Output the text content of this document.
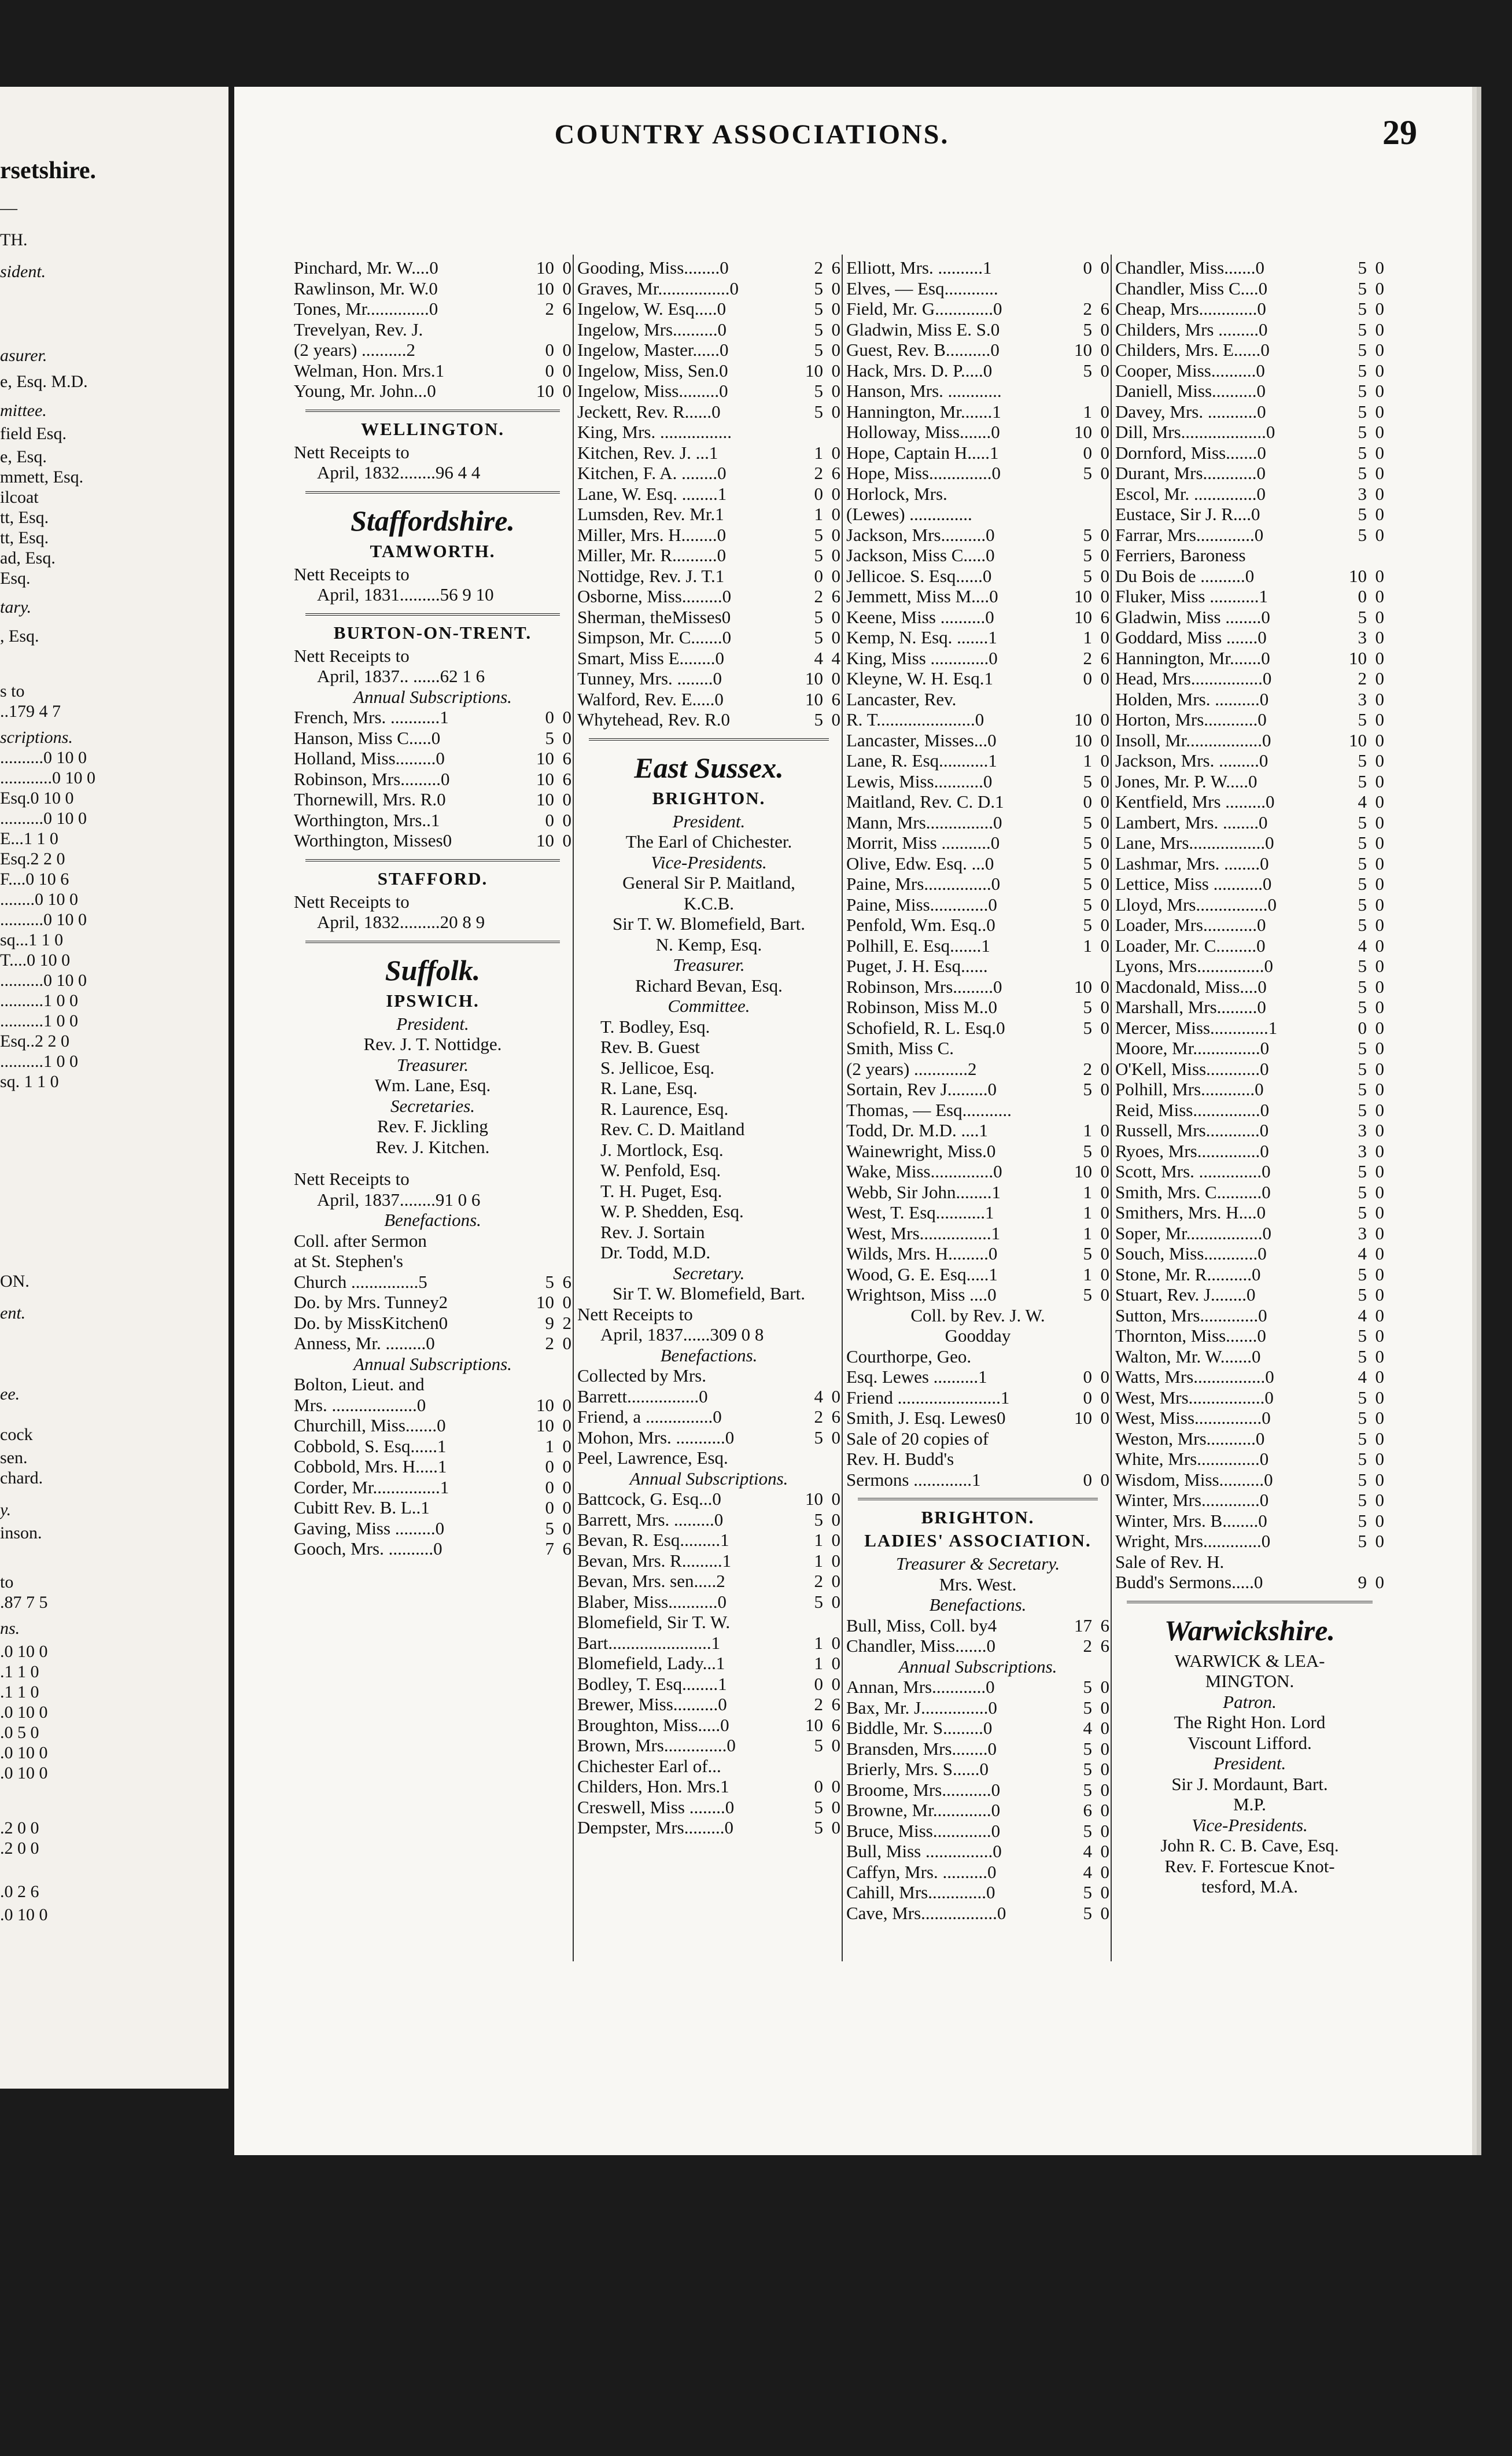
rsetshire.
—
TH.
sident.
asurer.
e, Esq. M.D.
mittee.
field Esq.
e, Esq.
mmett, Esq.
ilcoat
tt, Esq.
tt, Esq.
ad, Esq.
Esq.
tary.
, Esq.
s to
..179 4 7
scriptions.
..........0 10 0
............0 10 0
Esq.0 10 0
..........0 10 0
E...1 1 0
Esq.2 2 0
F....0 10 6
........0 10 0
..........0 10 0
sq...1 1 0
T....0 10 0
..........0 10 0
..........1 0 0
..........1 0 0
Esq..2 2 0
..........1 0 0
sq. 1 1 0
ON.
ent.
ee.
cock
sen.
chard.
y.
inson.
to
.87 7 5
ns.
.0 10 0
.1 1 0
.1 1 0
.0 10 0
.0 5 0
.0 10 0
.0 10 0
.2 0 0
.2 0 0
.0 2 6
.0 10 0
COUNTRY ASSOCIATIONS.	29
Pinchard, Mr. W....0	10 0
Rawlinson, Mr. W.0	10 0
Tones, Mr..............0	2 6
Trevelyan, Rev. J.
(2 years) ..........2	0 0
Welman, Hon. Mrs.1	0 0
Young, Mr. John...0	10 0
WELLINGTON.
Nett Receipts to
April, 1832........96 4 4
Staffordshire.
TAMWORTH.
Nett Receipts to
April, 1831.........56 9 10
BURTON-ON-TRENT.
Nett Receipts to
April, 1837.. ......62 1 6
Annual Subscriptions.
French, Mrs. ...........1	0 0
Hanson, Miss C.....0	5 0
Holland, Miss.........0	10 6
Robinson, Mrs.........0	10 6
Thornewill, Mrs. R.0	10 0
Worthington, Mrs..1	0 0
Worthington, Misses0	10 0
STAFFORD.
Nett Receipts to
April, 1832.........20 8 9
Suffolk.
IPSWICH.
President.
Rev. J. T. Nottidge.
Treasurer.
Wm. Lane, Esq.
Secretaries.
Rev. F. Jickling
Rev. J. Kitchen.
Nett Receipts to
April, 1837........91 0 6
Benefactions.
Coll. after Sermon
at St. Stephen's
Church ...............5	5 6
Do. by Mrs. Tunney2	10 0
Do. by MissKitchen0	9 2
Anness, Mr. .........0	2 0
Annual Subscriptions.
Bolton, Lieut. and
Mrs. ...................0	10 0
Churchill, Miss.......0	10 0
Cobbold, S. Esq......1	1 0
Cobbold, Mrs. H.....1	0 0
Corder, Mr...............1	0 0
Cubitt Rev. B. L..1	0 0
Gaving, Miss .........0	5 0
Gooch, Mrs. ..........0	7 6
Gooding, Miss........0	2 6
Graves, Mr................0	5 0
Ingelow, W. Esq.....0	5 0
Ingelow, Mrs..........0	5 0
Ingelow, Master......0	5 0
Ingelow, Miss, Sen.0	10 0
Ingelow, Miss.........0	5 0
Jeckett, Rev. R......0	5 0
King, Mrs. ................
Kitchen, Rev. J. ...1	1 0
Kitchen, F. A. ........0	2 6
Lane, W. Esq. ........1	0 0
Lumsden, Rev. Mr.1	1 0
Miller, Mrs. H........0	5 0
Miller, Mr. R..........0	5 0
Nottidge, Rev. J. T.1	0 0
Osborne, Miss.........0	2 6
Sherman, theMisses0	5 0
Simpson, Mr. C.......0	5 0
Smart, Miss E........0	4 4
Tunney, Mrs. ........0	10 0
Walford, Rev. E.....0	10 6
Whytehead, Rev. R.0	5 0
East Sussex.
BRIGHTON.
President.
The Earl of Chichester.
Vice-Presidents.
General Sir P. Maitland,
K.C.B.
Sir T. W. Blomefield, Bart.
N. Kemp, Esq.
Treasurer.
Richard Bevan, Esq.
Committee.
T. Bodley, Esq.
Rev. B. Guest
S. Jellicoe, Esq.
R. Lane, Esq.
R. Laurence, Esq.
Rev. C. D. Maitland
J. Mortlock, Esq.
W. Penfold, Esq.
T. H. Puget, Esq.
W. P. Shedden, Esq.
Rev. J. Sortain
Dr. Todd, M.D.
Secretary.
Sir T. W. Blomefield, Bart.
Nett Receipts to
April, 1837......309 0 8
Benefactions.
Collected by Mrs.
Barrett................0	4 0
Friend, a ...............0	2 6
Mohon, Mrs. ...........0	5 0
Peel, Lawrence, Esq.
Annual Subscriptions.
Battcock, G. Esq...0	10 0
Barrett, Mrs. .........0	5 0
Bevan, R. Esq.........1	1 0
Bevan, Mrs. R.........1	1 0
Bevan, Mrs. sen.....2	2 0
Blaber, Miss...........0	5 0
Blomefield, Sir T. W.
Bart.......................1	1 0
Blomefield, Lady...1	1 0
Bodley, T. Esq........1	0 0
Brewer, Miss..........0	2 6
Broughton, Miss.....0	10 6
Brown, Mrs..............0	5 0
Chichester Earl of...
Childers, Hon. Mrs.1	0 0
Creswell, Miss ........0	5 0
Dempster, Mrs.........0	5 0
Elliott, Mrs. ..........1	0 0
Elves, — Esq............
Field, Mr. G.............0	2 6
Gladwin, Miss E. S.0	5 0
Guest, Rev. B..........0	10 0
Hack, Mrs. D. P.....0	5 0
Hanson, Mrs. ............
Hannington, Mr.......1	1 0
Holloway, Miss.......0	10 0
Hope, Captain H.....1	0 0
Hope, Miss..............0	5 0
Horlock, Mrs.
(Lewes) ..............
Jackson, Mrs..........0	5 0
Jackson, Miss C.....0	5 0
Jellicoe. S. Esq......0	5 0
Jemmett, Miss M....0	10 0
Keene, Miss ..........0	10 6
Kemp, N. Esq. .......1	1 0
King, Miss .............0	2 6
Kleyne, W. H. Esq.1	0 0
Lancaster, Rev.
R. T......................0	10 0
Lancaster, Misses...0	10 0
Lane, R. Esq...........1	1 0
Lewis, Miss...........0	5 0
Maitland, Rev. C. D.1	0 0
Mann, Mrs...............0	5 0
Morrit, Miss ...........0	5 0
Olive, Edw. Esq. ...0	5 0
Paine, Mrs...............0	5 0
Paine, Miss.............0	5 0
Penfold, Wm. Esq..0	5 0
Polhill, E. Esq.......1	1 0
Puget, J. H. Esq......
Robinson, Mrs.........0	10 0
Robinson, Miss M..0	5 0
Schofield, R. L. Esq.0	5 0
Smith, Miss C.
(2 years) ............2	2 0
Sortain, Rev J.........0	5 0
Thomas, — Esq...........
Todd, Dr. M.D. ....1	1 0
Wainewright, Miss.0	5 0
Wake, Miss..............0	10 0
Webb, Sir John........1	1 0
West, T. Esq...........1	1 0
West, Mrs................1	1 0
Wilds, Mrs. H.........0	5 0
Wood, G. E. Esq.....1	1 0
Wrightson, Miss ....0	5 0
Coll. by Rev. J. W.
Goodday
Courthorpe, Geo.
Esq. Lewes ..........1	0 0
Friend .......................1	0 0
Smith, J. Esq. Lewes0	10 0
Sale of 20 copies of
Rev. H. Budd's
Sermons .............1	0 0
BRIGHTON.
LADIES' ASSOCIATION.
Treasurer & Secretary.
Mrs. West.
Benefactions.
Bull, Miss, Coll. by4	17 6
Chandler, Miss.......0	2 6
Annual Subscriptions.
Annan, Mrs............0	5 0
Bax, Mr. J...............0	5 0
Biddle, Mr. S.........0	4 0
Bransden, Mrs........0	5 0
Brierly, Mrs. S......0	5 0
Broome, Mrs...........0	5 0
Browne, Mr.............0	6 0
Bruce, Miss.............0	5 0
Bull, Miss ...............0	4 0
Caffyn, Mrs. ..........0	4 0
Cahill, Mrs.............0	5 0
Cave, Mrs.................0	5 0
Chandler, Miss.......0	5 0
Chandler, Miss C....0	5 0
Cheap, Mrs.............0	5 0
Childers, Mrs .........0	5 0
Childers, Mrs. E......0	5 0
Cooper, Miss..........0	5 0
Daniell, Miss..........0	5 0
Davey, Mrs. ...........0	5 0
Dill, Mrs...................0	5 0
Dornford, Miss.......0	5 0
Durant, Mrs............0	5 0
Escol, Mr. ..............0	3 0
Eustace, Sir J. R....0	5 0
Farrar, Mrs.............0	5 0
Ferriers, Baroness
Du Bois de ..........0	10 0
Fluker, Miss ...........1	0 0
Gladwin, Miss ........0	5 0
Goddard, Miss .......0	3 0
Hannington, Mr.......0	10 0
Head, Mrs................0	2 0
Holden, Mrs. ..........0	3 0
Horton, Mrs............0	5 0
Insoll, Mr.................0	10 0
Jackson, Mrs. .........0	5 0
Jones, Mr. P. W.....0	5 0
Kentfield, Mrs .........0	4 0
Lambert, Mrs. ........0	5 0
Lane, Mrs.................0	5 0
Lashmar, Mrs. ........0	5 0
Lettice, Miss ...........0	5 0
Lloyd, Mrs................0	5 0
Loader, Mrs............0	5 0
Loader, Mr. C.........0	4 0
Lyons, Mrs...............0	5 0
Macdonald, Miss....0	5 0
Marshall, Mrs.........0	5 0
Mercer, Miss.............1	0 0
Moore, Mr...............0	5 0
O'Kell, Miss............0	5 0
Polhill, Mrs............0	5 0
Reid, Miss...............0	5 0
Russell, Mrs............0	3 0
Ryoes, Mrs..............0	3 0
Scott, Mrs. ..............0	5 0
Smith, Mrs. C..........0	5 0
Smithers, Mrs. H....0	5 0
Soper, Mr.................0	3 0
Souch, Miss............0	4 0
Stone, Mr. R..........0	5 0
Stuart, Rev. J........0	5 0
Sutton, Mrs.............0	4 0
Thornton, Miss.......0	5 0
Walton, Mr. W.......0	5 0
Watts, Mrs................0	4 0
West, Mrs.................0	5 0
West, Miss...............0	5 0
Weston, Mrs...........0	5 0
White, Mrs..............0	5 0
Wisdom, Miss..........0	5 0
Winter, Mrs.............0	5 0
Winter, Mrs. B........0	5 0
Wright, Mrs.............0	5 0
Sale of Rev. H.
Budd's Sermons.....0	9 0
Warwickshire.
WARWICK & LEA-
MINGTON.
Patron.
The Right Hon. Lord
Viscount Lifford.
President.
Sir J. Mordaunt, Bart.
M.P.
Vice-Presidents.
John R. C. B. Cave, Esq.
Rev. F. Fortescue Knot-
tesford, M.A.
